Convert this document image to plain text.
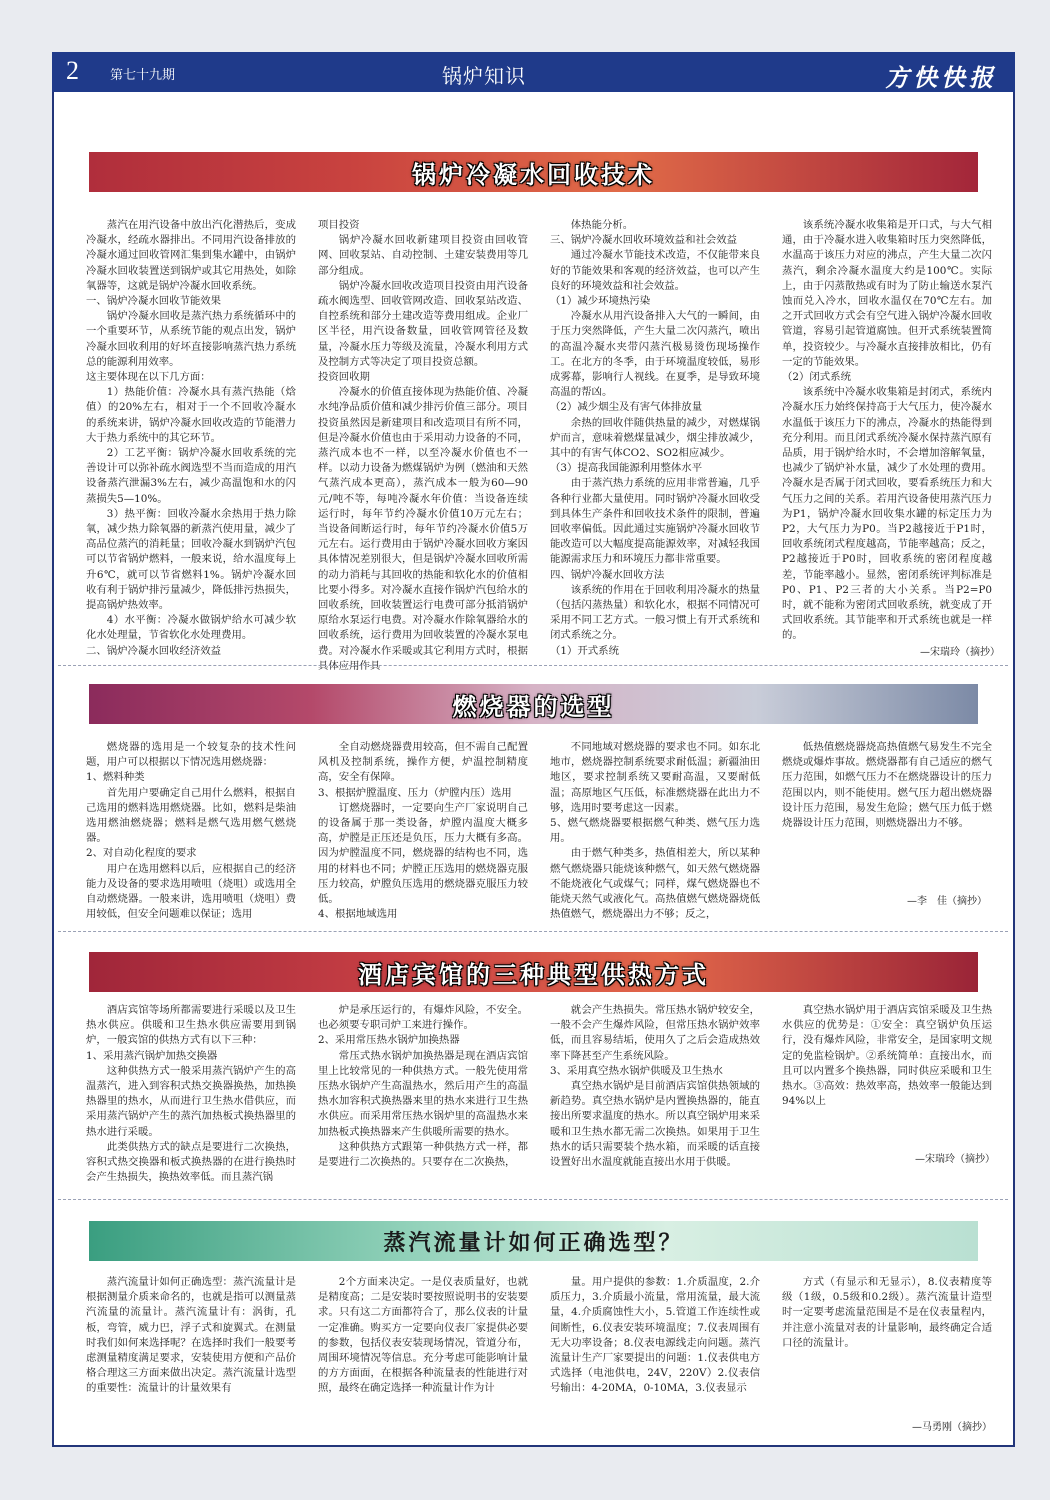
2 第七十九期	锅炉知识	方快快报
锅炉冷凝水回收技术

蒸汽在用汽设备中放出汽化潜热后，变成冷凝水，经疏水器排出。不同用汽设备排放的冷凝水通过回收管网汇集到集水罐中，由锅炉冷凝水回收装置送到锅炉或其它用热处，如除氧器等，这就是锅炉冷凝水回收系统。

一、锅炉冷凝水回收节能效果

锅炉冷凝水回收是蒸汽热力系统循环中的一个重要环节，从系统节能的观点出发，锅炉冷凝水回收利用的好坏直接影响蒸汽热力系统总的能源利用效率。

这主要体现在以下几方面：

1）热能价值：冷凝水具有蒸汽热能（焓值）的20%左右，相对于一个不回收冷凝水的系统来讲，锅炉冷凝水回收改造的节能潜力大于热力系统中的其它环节。

2）工艺平衡：锅炉冷凝水回收系统的完善设计可以弥补疏水阀选型不当而造成的用汽设备蒸汽泄漏3%左右，减少高温饱和水的闪蒸损失5—10%。

3）热平衡：回收冷凝水余热用于热力除氧，减少热力除氧器的新蒸汽使用量，减少了高品位蒸汽的消耗量；回收冷凝水到锅炉汽包可以节省锅炉燃料，一般来说，给水温度每上升6℃，就可以节省燃料1%。锅炉冷凝水回收有利于锅炉排污量减少，降低排污热损失，提高锅炉热效率。

4）水平衡：冷凝水做锅炉给水可减少软化水处理量，节省软化水处理费用。

二、锅炉冷凝水回收经济效益

项目投资

锅炉冷凝水回收新建项目投资由回收管网、回收泵站、自动控制、土建安装费用等几部分组成。

锅炉冷凝水回收改造项目投资由用汽设备疏水阀选型、回收管网改造、回收泵站改造、自控系统和部分土建改造等费用组成。企业厂区半径，用汽设备数量，回收管网管径及数量，冷凝水压力等级及流量，冷凝水利用方式及控制方式等决定了项目投资总额。

投资回收期

冷凝水的价值直接体现为热能价值、冷凝水纯净品质价值和减少排污价值三部分。项目投资虽然因是新建项目和改造项目有所不同，但是冷凝水价值也由于采用动力设备的不同，蒸汽成本也不一样，以至冷凝水价值也不一样。以动力设备为燃煤锅炉为例（燃油和天然气蒸汽成本更高），蒸汽成本一般为60—90元/吨不等，每吨冷凝水年价值：当设备连续运行时，每年节约冷凝水价值10万元左右；当设备间断运行时，每年节约冷凝水价值5万元左右。运行费用由于锅炉冷凝水回收方案因具体情况差别很大，但是锅炉冷凝水回收所需的动力消耗与其回收的热能和软化水的价值相比要小得多。对冷凝水直接作锅炉汽包给水的回收系统，回收装置运行电费可部分抵消锅炉原给水泵运行电费。对冷凝水作除氧器给水的回收系统，运行费用为回收装置的冷凝水泵电费。对冷凝水作采暖或其它利用方式时，根据具体应用作具

体热能分析。

三、锅炉冷凝水回收环境效益和社会效益

通过冷凝水节能技术改造，不仅能带来良好的节能效果和客观的经济效益，也可以产生良好的环境效益和社会效益。

（1）减少环境热污染

冷凝水从用汽设备排入大气的一瞬间，由于压力突然降低，产生大量二次闪蒸汽，喷出的高温冷凝水夹带闪蒸汽极易烫伤现场操作工。在北方的冬季，由于环境温度较低，易形成雾幕，影响行人视线。在夏季，是导致环境高温的帮凶。

（2）减少烟尘及有害气体排放量

余热的回收伴随供热量的减少，对燃煤锅炉而言，意味着燃煤量减少，烟尘排放减少，其中的有害气体CO2、SO2相应减少。

（3）提高我国能源利用整体水平

由于蒸汽热力系统的应用非常普遍，几乎各种行业都大量使用。同时锅炉冷凝水回收受到具体生产条件和回收技术条件的限制，普遍回收率偏低。因此通过实施锅炉冷凝水回收节能改造可以大幅度提高能源效率，对减轻我国能源需求压力和环境压力都非常重要。

四、锅炉冷凝水回收方法

该系统的作用在于回收利用冷凝水的热量（包括闪蒸热量）和软化水，根据不同情况可采用不同工艺方式。一般习惯上有开式系统和闭式系统之分。

（1）开式系统

该系统冷凝水收集箱是开口式，与大气相通，由于冷凝水进入收集箱时压力突然降低，水温高于该压力对应的沸点，产生大量二次闪蒸汽，剩余冷凝水温度大约是100℃。实际上，由于闪蒸散热或有时为了防止输送水泵汽蚀而兑入冷水，回收水温仅在70℃左右。加之开式回收方式会有空气进入锅炉冷凝水回收管道，容易引起管道腐蚀。但开式系统装置简单，投资较少。与冷凝水直接排放相比，仍有一定的节能效果。

（2）闭式系统

该系统中冷凝水收集箱是封闭式，系统内冷凝水压力始终保持高于大气压力，使冷凝水水温低于该压力下的沸点，冷凝水的热能得到充分利用。而且闭式系统冷凝水保持蒸汽原有品质，用于锅炉给水时，不会增加溶解氧量，也减少了锅炉补水量，减少了水处理的费用。冷凝水是否属于闭式回收，要看系统压力和大气压力之间的关系。若用汽设备使用蒸汽压力为P1，锅炉冷凝水回收集水罐的标定压力为P2，大气压力为P0。当P2越接近于P1时，回收系统闭式程度越高，节能率越高；反之，P2越接近于P0时，回收系统的密闭程度越差，节能率越小。显然，密闭系统评判标准是P0、P1、P2三者的大小关系。当P2=P0时，就不能称为密闭式回收系统，就变成了开式回收系统。其节能率和开式系统也就是一样的。

—宋瑞玲（摘抄）
燃烧器的选型

燃烧器的选用是一个较复杂的技术性问题，用户可以根据以下情况选用燃烧器：

1、燃料种类

首先用户要确定自己用什么燃料，根据自己选用的燃料选用燃烧器。比如，燃料是柴油选用燃油燃烧器；燃料是燃气选用燃气燃烧器。

2、对自动化程度的要求

用户在选用燃料以后，应根据自己的经济能力及设备的要求选用喷咀（烧咀）或选用全自动燃烧器。一般来讲，选用喷咀（烧咀）费用较低，但安全问题难以保证；选用

全自动燃烧器费用较高，但不需自己配置风机及控制系统，操作方便，炉温控制精度高，安全有保障。

3、根据炉膛温度、压力（炉膛内压）选用

订燃烧器时，一定要向生产厂家说明自己的设备属于那一类设备，炉膛内温度大概多高，炉膛是正压还是负压，压力大概有多高。因为炉膛温度不同，燃烧器的结构也不同，选用的材料也不同；炉膛正压选用的燃烧器克服压力较高，炉膛负压选用的燃烧器克服压力较低。

4、根据地域选用

不同地域对燃烧器的要求也不同。如东北地市，燃烧器控制系统要求耐低温；新疆油田地区，要求控制系统又要耐高温，又要耐低温；高原地区气压低，标准燃烧器在此出力不够，选用时要考虑这一因素。

5、燃气燃烧器要根据燃气种类、燃气压力选用。

由于燃气种类多，热值相差大，所以某种燃气燃烧器只能烧该种燃气，如天然气燃烧器不能烧液化气或煤气；同样，煤气燃烧器也不能烧天然气或液化气。高热值燃气燃烧器烧低热值燃气，燃烧器出力不够；反之，

低热值燃烧器烧高热值燃气易发生不完全燃烧或爆炸事故。燃烧器都有自己适应的燃气压力范围，如燃气压力不在燃烧器设计的压力范围以内，则不能使用。燃气压力超出燃烧器设计压力范围，易发生危险；燃气压力低于燃烧器设计压力范围，则燃烧器出力不够。

—李　佳（摘抄）
酒店宾馆的三种典型供热方式

酒店宾馆等场所都需要进行采暖以及卫生热水供应。供暖和卫生热水供应需要用到锅炉，一般宾馆的供热方式有以下三种：

1、采用蒸汽锅炉加热交换器

这种供热方式一般采用蒸汽锅炉产生的高温蒸汽，进入到容积式热交换器换热，加热换热器里的热水，从而进行卫生热水借供应，而采用蒸汽锅炉产生的蒸汽加热板式换热器里的热水进行采暖。

此类供热方式的缺点是要进行二次换热，容积式热交换器和板式换热器的在进行换热时会产生热损失，换热效率低。而且蒸汽锅

炉是承压运行的，有爆炸风险，不安全。也必须要专职司炉工来进行操作。

2、采用常压热水锅炉加换热器

常压式热水锅炉加换热器是现在酒店宾馆里上比较常见的一种供热方式。一般先使用常压热水锅炉产生高温热水，然后用产生的高温热水加容积式换热器来里的热水来进行卫生热水供应。而采用常压热水锅炉里的高温热水来加热板式换热器来产生供暖所需要的热水。

这种供热方式跟第一种供热方式一样，都是要进行二次换热的。只要存在二次换热，

就会产生热损失。常压热水锅炉较安全，一般不会产生爆炸风险，但常压热水锅炉效率低，而且容易结垢，使用久了之后会造成热效率下降甚至产生系统风险。

3、采用真空热水锅炉供暖及卫生热水

真空热水锅炉是目前酒店宾馆供热领域的新趋势。真空热水锅炉是内置换热器的，能直接出所要求温度的热水。所以真空锅炉用来采暖和卫生热水都无需二次换热。如果用于卫生热水的话只需要装个热水箱，而采暖的话直接设置好出水温度就能直接出水用于供暖。

真空热水锅炉用于酒店宾馆采暖及卫生热水供应的优势是：①安全：真空锅炉负压运行，没有爆炸风险，非常安全，是国家明文规定的免监检锅炉。②系统简单：直接出水，而且可以内置多个换热器，同时供应采暖和卫生热水。③高效：热效率高，热效率一般能达到94%以上

—宋瑞玲（摘抄）
蒸汽流量计如何正确选型？

蒸汽流量计如何正确选型：蒸汽流量计是根据测量介质来命名的，也就是指可以测量蒸汽流量的流量计。蒸汽流量计有：涡街，孔板，弯管，威力巴，浮子式和旋翼式。在测量时我们如何来选择呢？在选择时我们一般要考虑测量精度满足要求，安装使用方便和产品价格合理这三方面来做出决定。蒸汽流量计选型的重要性：流量计的计量效果有

2个方面来决定。一是仪表质量好，也就是精度高；二是安装时要按照说明书的安装要求。只有这二方面都符合了，那么仪表的计量一定准确。购买方一定要向仪表厂家提供必要的参数，包括仪表安装现场情况，管道分布，周围环境情况等信息。充分考虑可能影响计量的方方面面，在根据各种流量表的性能进行对照，最终在确定选择一种流量计作为计

量。用户提供的参数：1.介质温度，2.介质压力，3.介质最小流量，常用流量，最大流量，4.介质腐蚀性大小，5.管道工作连续性或间断性，6.仪表安装环境温度；7.仪表周围有无大功率设备；8.仪表电源线走向问题。蒸汽流量计生产厂家要提出的问题：1.仪表供电方式选择（电池供电，24V，220V）2.仪表信号输出：4-20MA，0-10MA，3.仪表显示

方式（有显示和无显示），8.仪表精度等级（1级，0.5级和0.2级）。蒸汽流量计造型时一定要考虑流量范围是不是在仪表量程内，并注意小流量对表的计量影响，最终确定合适口径的流量计。

—马勇刚（摘抄）
